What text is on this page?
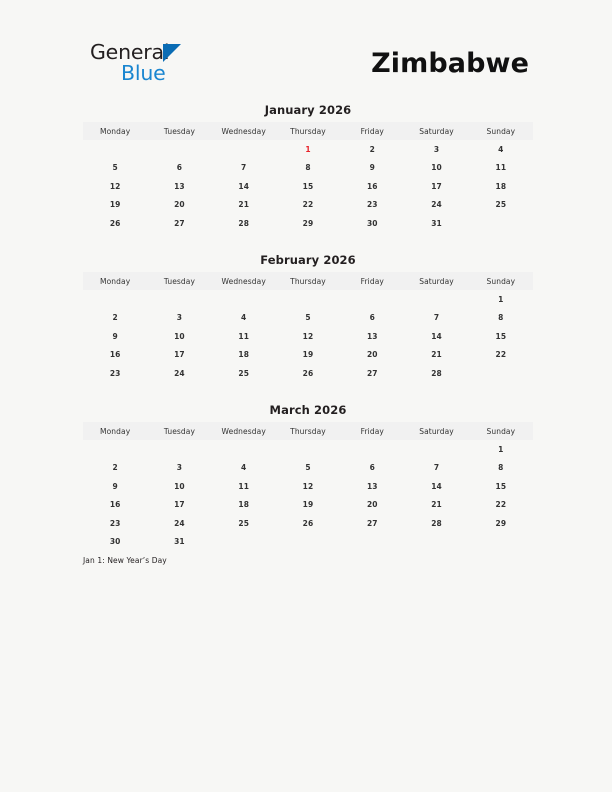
General
Blue	Zimbabwe
January 2026
Monday	Tuesday	Wednesday	Thursday	Friday	Saturday	Sunday
			1	2	3	4
5	6	7	8	9	10	11
12	13	14	15	16	17	18
19	20	21	22	23	24	25
26	27	28	29	30	31	
February 2026
Monday	Tuesday	Wednesday	Thursday	Friday	Saturday	Sunday
						1
2	3	4	5	6	7	8
9	10	11	12	13	14	15
16	17	18	19	20	21	22
23	24	25	26	27	28	
March 2026
Monday	Tuesday	Wednesday	Thursday	Friday	Saturday	Sunday
						1
2	3	4	5	6	7	8
9	10	11	12	13	14	15
16	17	18	19	20	21	22
23	24	25	26	27	28	29
30	31					
Jan 1: New Year’s Day
